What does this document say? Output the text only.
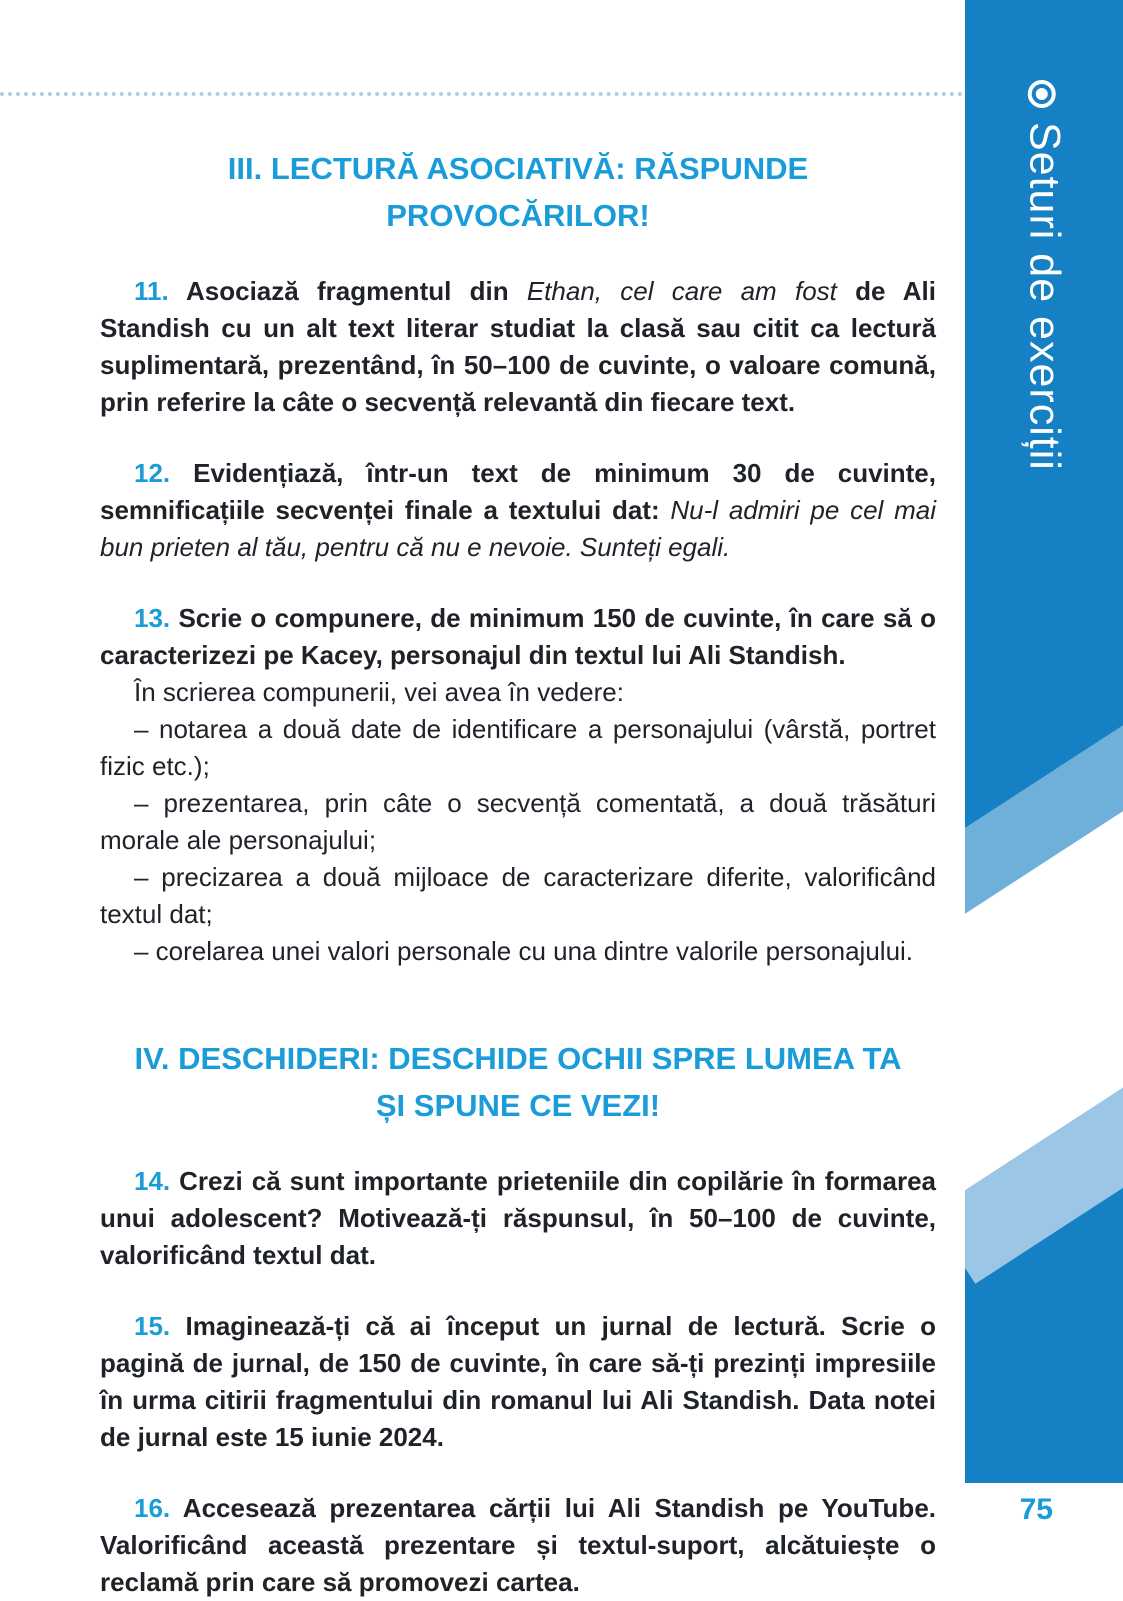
III. LECTURĂ ASOCIATIVĂ: RĂSPUNDE PROVOCĂRILOR!

11. Asociază fragmentul din Ethan, cel care am fost de Ali Standish cu un alt text literar studiat la clasă sau citit ca lectură suplimentară, prezentând, în 50–100 de cuvinte, o valoare comună, prin referire la câte o secvență relevantă din fiecare text.

12. Evidențiază, într-un text de minimum 30 de cuvinte, semnificațiile secvenței finale a textului dat: Nu-l admiri pe cel mai bun prieten al tău, pentru că nu e nevoie. Sunteți egali.

13. Scrie o compunere, de minimum 150 de cuvinte, în care să o caracterizezi pe Kacey, personajul din textul lui Ali Standish.

În scrierea compunerii, vei avea în vedere:

– notarea a două date de identificare a personajului (vârstă, portret fizic etc.);

– prezentarea, prin câte o secvență comentată, a două trăsături morale ale personajului;

– precizarea a două mijloace de caracterizare diferite, valorificând textul dat;

– corelarea unei valori personale cu una dintre valorile personajului.

IV. DESCHIDERI: DESCHIDE OCHII SPRE LUMEA TA
ȘI SPUNE CE VEZI!

14. Crezi că sunt importante prieteniile din copilărie în formarea unui adolescent? Motivează-ți răspunsul, în 50–100 de cuvinte, valorificând textul dat.

15. Imaginează-ți că ai început un jurnal de lectură. Scrie o pagină de jurnal, de 150 de cuvinte, în care să-ți prezinți impresiile în urma citirii fragmentului din romanul lui Ali Standish. Data notei de jurnal este 15 iunie 2024.

16. Accesează prezentarea cărții lui Ali Standish pe YouTube. Valorificând această prezentare și textul-suport, alcătuiește o reclamă prin care să promovezi cartea.

Seturi de exerciții
75
